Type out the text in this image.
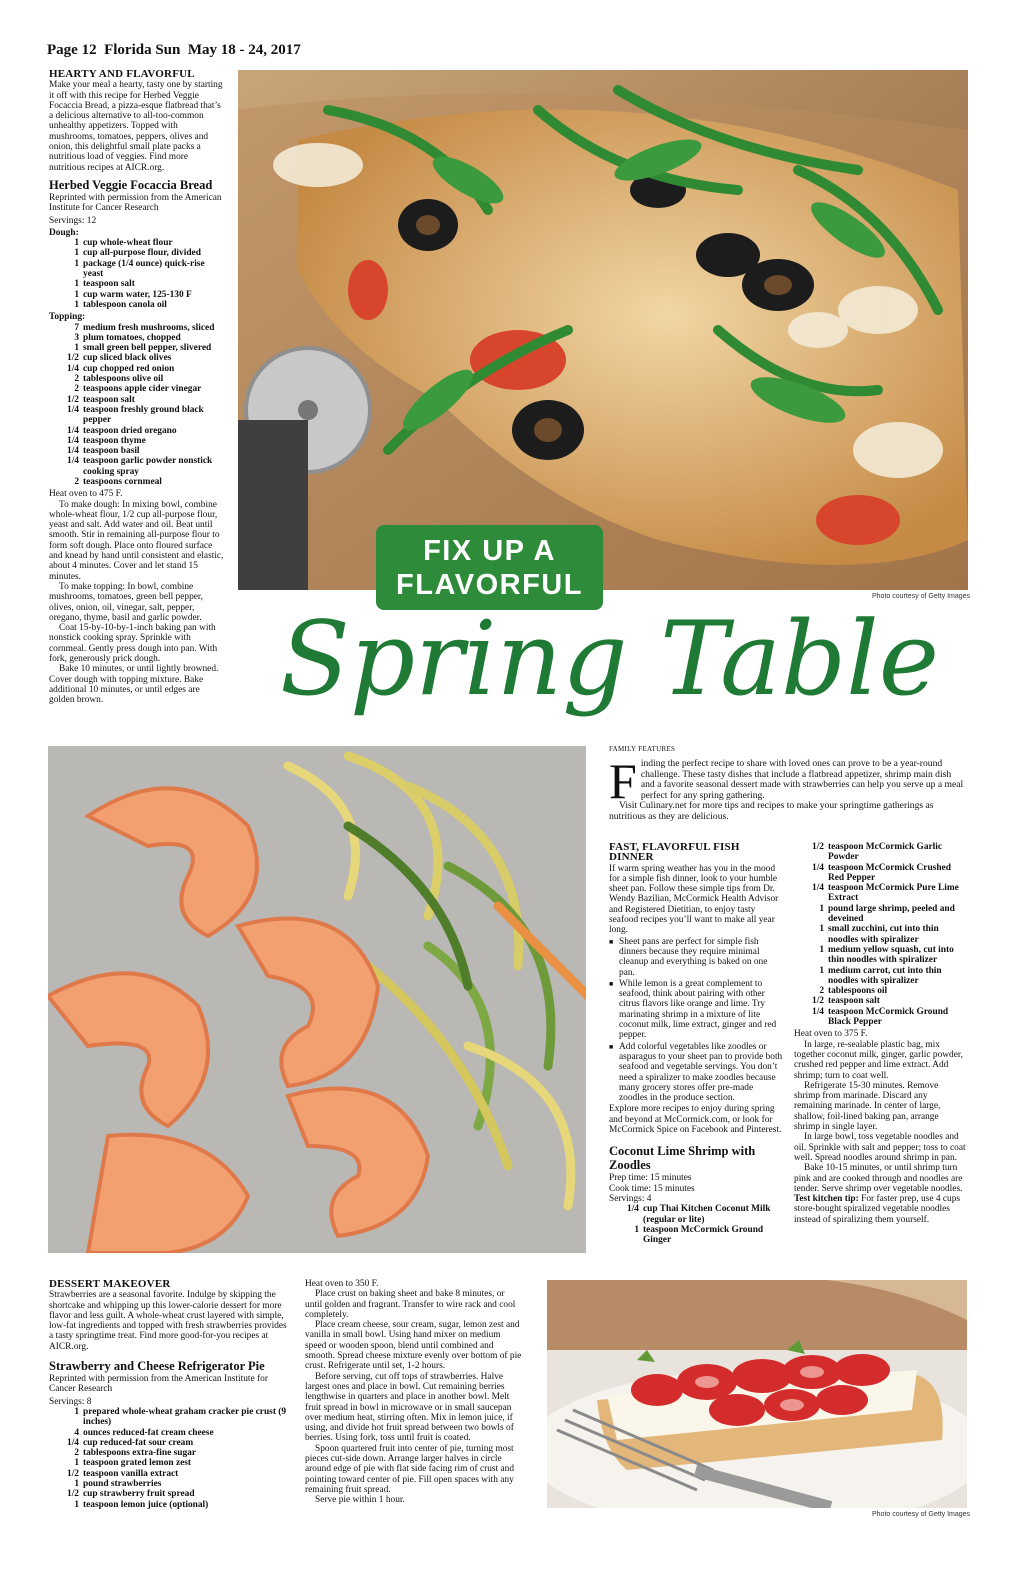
Page 12 Florida Sun May 18 - 24, 2017
HEARTY AND FLAVORFUL

Make your meal a hearty, tasty one by starting it off with this recipe for Herbed Veggie Focaccia Bread, a pizza-esque flatbread that’s a delicious alternative to all-too-common unhealthy appetizers. Topped with mushrooms, tomatoes, peppers, olives and onion, this delightful small plate packs a nutritious load of veggies. Find more nutritious recipes at AICR.org.

Herbed Veggie Focaccia Bread

Reprinted with permission from the American Institute for Cancer Research

Servings: 12

Dough:
1 cup whole-wheat flour
1 cup all-purpose flour, divided
1 package (1/4 ounce) quick-rise yeast
1 teaspoon salt
1 cup warm water, 125-130 F
1 tablespoon canola oil
Topping:
7 medium fresh mushrooms, sliced
3 plum tomatoes, chopped
1 small green bell pepper, slivered
1/2 cup sliced black olives
1/4 cup chopped red onion
2 tablespoons olive oil
2 teaspoons apple cider vinegar
1/2 teaspoon salt
1/4 teaspoon freshly ground black pepper
1/4 teaspoon dried oregano
1/4 teaspoon thyme
1/4 teaspoon basil
1/4 teaspoon garlic powder nonstick cooking spray
2 teaspoons cornmeal

Heat oven to 475 F.

To make dough: In mixing bowl, combine whole-wheat flour, 1/2 cup all-purpose flour, yeast and salt. Add water and oil. Beat until smooth. Stir in remaining all-purpose flour to form soft dough. Place onto floured surface and knead by hand until consistent and elastic, about 4 minutes. Cover and let stand 15 minutes.

To make topping: In bowl, combine mushrooms, tomatoes, green bell pepper, olives, onion, oil, vinegar, salt, pepper, oregano, thyme, basil and garlic powder.

Coat 15-by-10-by-1-inch baking pan with nonstick cooking spray. Sprinkle with cornmeal. Gently press dough into pan. With fork, generously prick dough.

Bake 10 minutes, or until lightly browned. Cover dough with topping mixture. Bake additional 10 minutes, or until edges are golden brown.

Photo courtesy of Getty Images
FIX UP A
FLAVORFUL
Spring Table
FAMILY FEATURES
F inding the perfect recipe to share with loved ones can prove to be a year-round challenge. These tasty dishes that include a flatbread appetizer, shrimp main dish and a favorite seasonal dessert made with strawberries can help you serve up a meal perfect for any spring gathering.
Visit Culinary.net for more tips and recipes to make your springtime gatherings as nutritious as they are delicious.
FAST, FLAVORFUL FISH DINNER

If warm spring weather has you in the mood for a simple fish dinner, look to your humble sheet pan. Follow these simple tips from Dr. Wendy Bazilian, McCormick Health Advisor and Registered Dietitian, to enjoy tasty seafood recipes you’ll want to make all year long.

■ Sheet pans are perfect for simple fish dinners because they require minimal cleanup and everything is baked on one pan.
■ While lemon is a great complement to seafood, think about pairing with other citrus flavors like orange and lime. Try marinating shrimp in a mixture of lite coconut milk, lime extract, ginger and red pepper.
■ Add colorful vegetables like zoodles or asparagus to your sheet pan to provide both seafood and vegetable servings. You don’t need a spiralizer to make zoodles because many grocery stores offer pre-made zoodles in the produce section.

Explore more recipes to enjoy during spring and beyond at McCormick.com, or look for McCormick Spice on Facebook and Pinterest.

Coconut Lime Shrimp with Zoodles

Prep time: 15 minutes

Cook time: 15 minutes

Servings: 4

1/4 cup Thai Kitchen Coconut Milk (regular or lite)
1 teaspoon McCormick Ground Ginger
1/2 teaspoon McCormick Garlic Powder
1/4 teaspoon McCormick Crushed Red Pepper
1/4 teaspoon McCormick Pure Lime Extract
1 pound large shrimp, peeled and deveined
1 small zucchini, cut into thin noodles with spiralizer
1 medium yellow squash, cut into thin noodles with spiralizer
1 medium carrot, cut into thin noodles with spiralizer
2 tablespoons oil
1/2 teaspoon salt
1/4 teaspoon McCormick Ground Black Pepper

Heat oven to 375 F.

In large, re-sealable plastic bag, mix together coconut milk, ginger, garlic powder, crushed red pepper and lime extract. Add shrimp; turn to coat well.

Refrigerate 15-30 minutes. Remove shrimp from marinade. Discard any remaining marinade. In center of large, shallow, foil-lined baking pan, arrange shrimp in single layer.

In large bowl, toss vegetable noodles and oil. Sprinkle with salt and pepper; toss to coat well. Spread noodles around shrimp in pan.

Bake 10-15 minutes, or until shrimp turn pink and are cooked through and noodles are tender. Serve shrimp over vegetable noodles.

Test kitchen tip: For faster prep, use 4 cups store-bought spiralized vegetable noodles instead of spiralizing them yourself.

DESSERT MAKEOVER

Strawberries are a seasonal favorite. Indulge by skipping the shortcake and whipping up this lower-calorie dessert for more flavor and less guilt. A whole-wheat crust layered with simple, low-fat ingredients and topped with fresh strawberries provides a tasty springtime treat. Find more good-for-you recipes at AICR.org.

Strawberry and Cheese Refrigerator Pie

Reprinted with permission from the American Institute for Cancer Research

Servings: 8

1 prepared whole-wheat graham cracker pie crust (9 inches)
4 ounces reduced-fat cream cheese
1/4 cup reduced-fat sour cream
2 tablespoons extra-fine sugar
1 teaspoon grated lemon zest
1/2 teaspoon vanilla extract
1 pound strawberries
1/2 cup strawberry fruit spread
1 teaspoon lemon juice (optional)

Heat oven to 350 F.

Place crust on baking sheet and bake 8 minutes, or until golden and fragrant. Transfer to wire rack and cool completely.

Place cream cheese, sour cream, sugar, lemon zest and vanilla in small bowl. Using hand mixer on medium speed or wooden spoon, blend until combined and smooth. Spread cheese mixture evenly over bottom of pie crust. Refrigerate until set, 1-2 hours.

Before serving, cut off tops of strawberries. Halve largest ones and place in bowl. Cut remaining berries lengthwise in quarters and place in another bowl. Melt fruit spread in bowl in microwave or in small saucepan over medium heat, stirring often. Mix in lemon juice, if using, and divide hot fruit spread between two bowls of berries. Using fork, toss until fruit is coated.

Spoon quartered fruit into center of pie, turning most pieces cut-side down. Arrange larger halves in circle around edge of pie with flat side facing rim of crust and pointing toward center of pie. Fill open spaces with any remaining fruit spread.

Serve pie within 1 hour.

Photo courtesy of Getty Images
